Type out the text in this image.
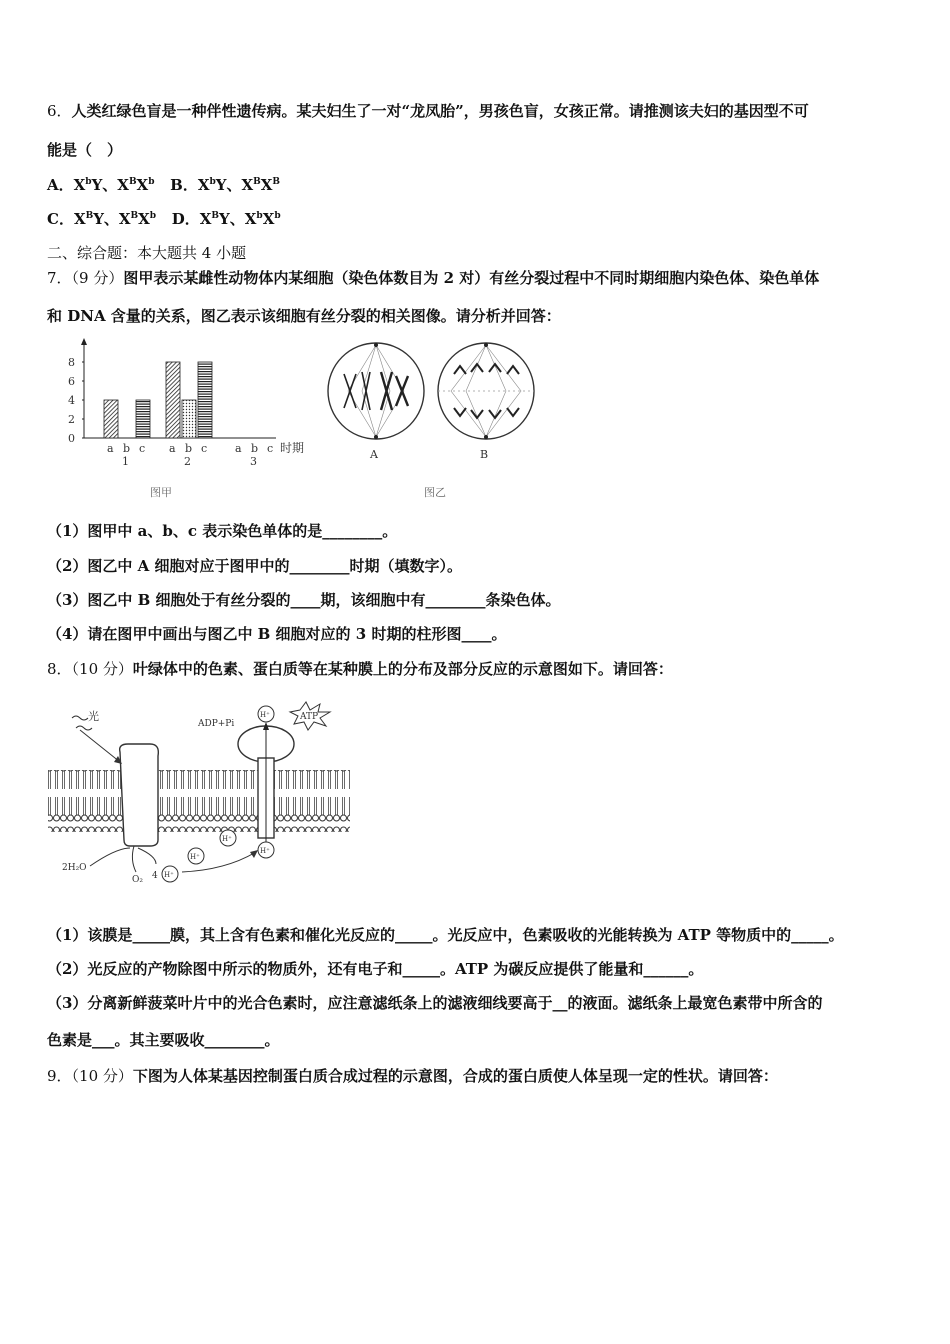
6．人类红绿色盲是一种伴性遗传病。某夫妇生了一对“龙凤胎”，男孩色盲，女孩正常。请推测该夫妇的基因型不可
能是（　）
A．$X^bY$、$X^BX^b$ B．$X^bY$、$X^BX^B$
C．$X^BY$、$X^BX^b$ D．$X^BY$、$X^bX^b$
二、综合题：本大题共 4 小题
7．（9 分）图甲表示某雌性动物体内某细胞（染色体数目为 2 对）有丝分裂过程中不同时期细胞内染色体、染色单体
和 DNA 含量的关系，图乙表示该细胞有丝分裂的相关图像。请分析并回答：
0
2
4
6
8
a b c
1
a b c
2
a b c
3
时期
图甲
A	B
图乙
（1）图甲中 a、b、c 表示染色单体的是________。
（2）图乙中 A 细胞对应于图甲中的________时期（填数字）。
（3）图乙中 B 细胞处于有丝分裂的____期，该细胞中有________条染色体。
（4）请在图甲中画出与图乙中 B 细胞对应的 3 时期的柱形图____。
8．（10 分）叶绿体中的色素、蛋白质等在某种膜上的分布及部分反应的示意图如下。请回答：
光
ADP+Pi
H⁺	ATP
H⁺
H⁺
H⁺
2H₂O
O₂ 4 H⁺
（1）该膜是_____膜，其上含有色素和催化光反应的_____。光反应中，色素吸收的光能转换为 ATP 等物质中的_____。
（2）光反应的产物除图中所示的物质外，还有电子和_____。ATP 为碳反应提供了能量和______。
（3）分离新鲜菠菜叶片中的光合色素时，应注意滤纸条上的滤液细线要高于__的液面。滤纸条上最宽色素带中所含的
色素是___。其主要吸收________。
9．（10 分）下图为人体某基因控制蛋白质合成过程的示意图，合成的蛋白质使人体呈现一定的性状。请回答：
